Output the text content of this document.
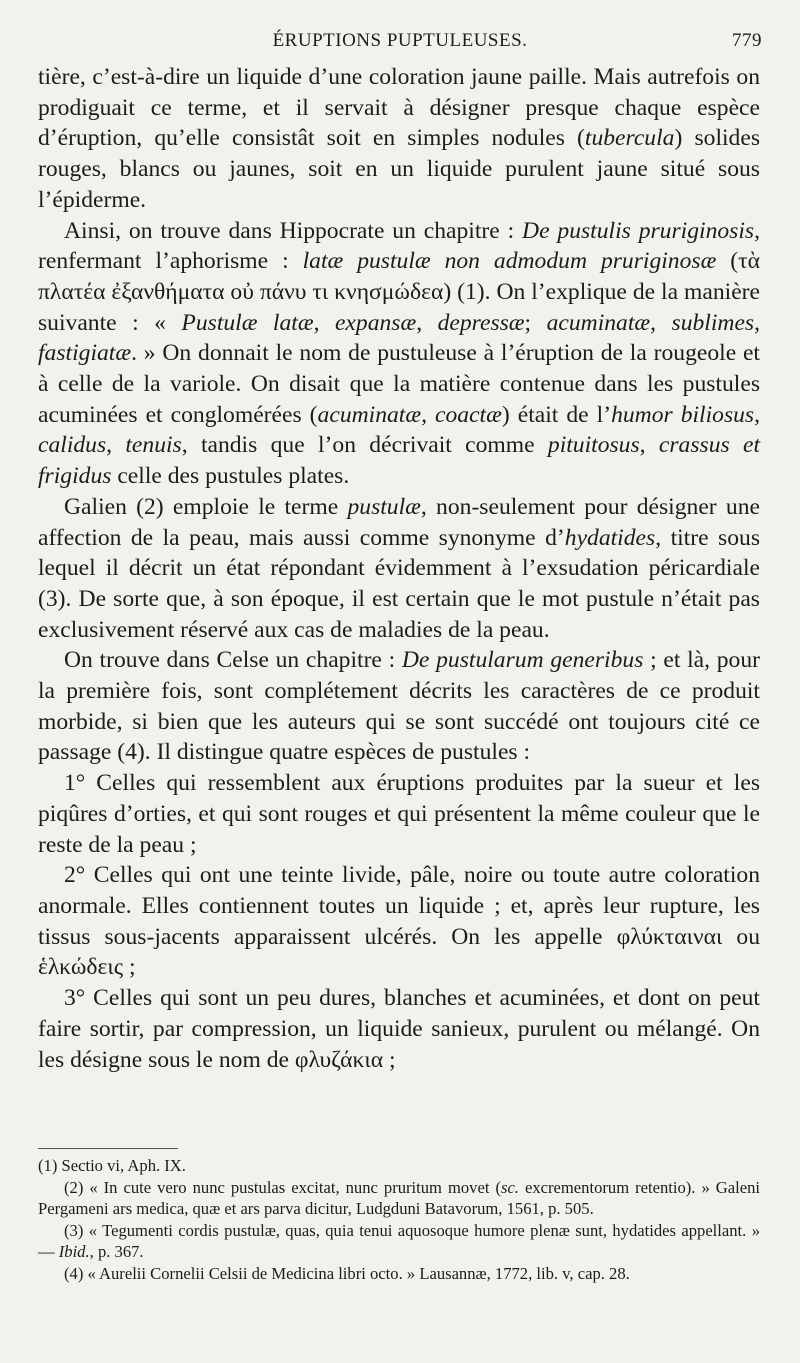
ÉRUPTIONS PUPTULEUSES.	779

tière, c’est-à-dire un liquide d’une coloration jaune paille. Mais autrefois on prodiguait ce terme, et il servait à désigner presque chaque espèce d’éruption, qu’elle consistât soit en simples nodules (tubercula) solides rouges, blancs ou jaunes, soit en un liquide purulent jaune situé sous l’épiderme.

Ainsi, on trouve dans Hippocrate un chapitre : De pustulis pruriginosis, renfermant l’aphorisme : latæ pustulæ non admodum pruriginosæ (τὰ πλατέα ἐξανθήματα οὐ πάνυ τι κνησμώδεα) (1). On l’explique de la manière suivante : « Pustulæ latæ, expansæ, depressæ; acuminatæ, sublimes, fastigiatæ. » On donnait le nom de pustuleuse à l’éruption de la rougeole et à celle de la variole. On disait que la matière contenue dans les pustules acuminées et conglomérées (acuminatæ, coactæ) était de l’humor biliosus, calidus, tenuis, tandis que l’on décrivait comme pituitosus, crassus et frigidus celle des pustules plates.

Galien (2) emploie le terme pustulæ, non-seulement pour désigner une affection de la peau, mais aussi comme synonyme d’hydatides, titre sous lequel il décrit un état répondant évidemment à l’exsudation péricardiale (3). De sorte que, à son époque, il est certain que le mot pustule n’était pas exclusivement réservé aux cas de maladies de la peau.

On trouve dans Celse un chapitre : De pustularum generibus ; et là, pour la première fois, sont complétement décrits les caractères de ce produit morbide, si bien que les auteurs qui se sont succédé ont toujours cité ce passage (4). Il distingue quatre espèces de pustules :

1° Celles qui ressemblent aux éruptions produites par la sueur et les piqûres d’orties, et qui sont rouges et qui présentent la même couleur que le reste de la peau ;

2° Celles qui ont une teinte livide, pâle, noire ou toute autre coloration anormale. Elles contiennent toutes un liquide ; et, après leur rupture, les tissus sous-jacents apparaissent ulcérés. On les appelle φλύκταιναι ou ἑλκώδεις ;

3° Celles qui sont un peu dures, blanches et acuminées, et dont on peut faire sortir, par compression, un liquide sanieux, purulent ou mélangé. On les désigne sous le nom de φλυζάκια ;

(1) Sectio vi, Aph. IX.

(2) « In cute vero nunc pustulas excitat, nunc pruritum movet (sc. excrementorum retentio). » Galeni Pergameni ars medica, quæ et ars parva dicitur, Ludgduni Batavorum, 1561, p. 505.

(3) « Tegumenti cordis pustulæ, quas, quia tenui aquosoque humore plenæ sunt, hydatides appellant. » — Ibid., p. 367.

(4) « Aurelii Cornelii Celsii de Medicina libri octo. » Lausannæ, 1772, lib. v, cap. 28.
